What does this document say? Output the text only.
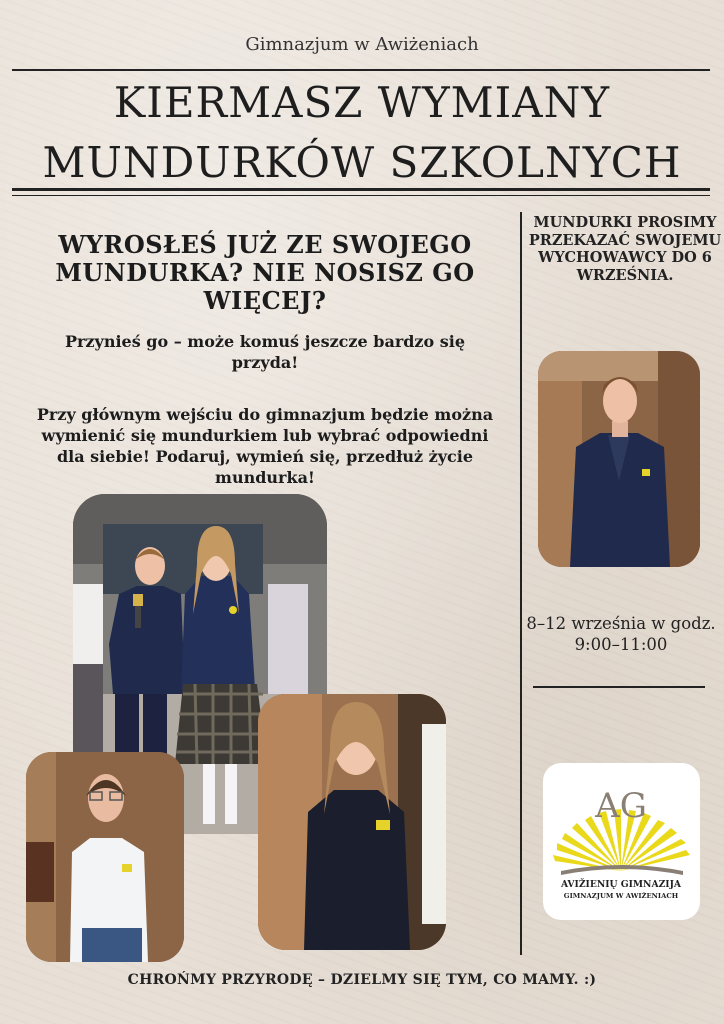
Gimnazjum w Awiżeniach
KIERMASZ WYMIANY
MUNDURKÓW SZKOLNYCH
MUNDURKI PROSIMY PRZEKAZAĆ SWOJEMU WYCHOWAWCY DO 6 WRZEŚNIA.
WYROSŁEŚ JUŻ ZE SWOJEGO MUNDURKA? NIE NOSISZ GO WIĘCEJ?
Przynieś go – może komuś jeszcze bardzo się przyda!
Przy głównym wejściu do gimnazjum będzie można wymienić się mundurkiem lub wybrać odpowiedni dla siebie! Podaruj, wymień się, przedłuż życie mundurka!
8–12 września w godz. 9:00–11:00
AG
AVIŽIENIŲ GIMNAZIJA
GIMNAZJUM W AWIŻENIACH
CHROŃMY PRZYRODĘ – DZIELMY SIĘ TYM, CO MAMY. :)
